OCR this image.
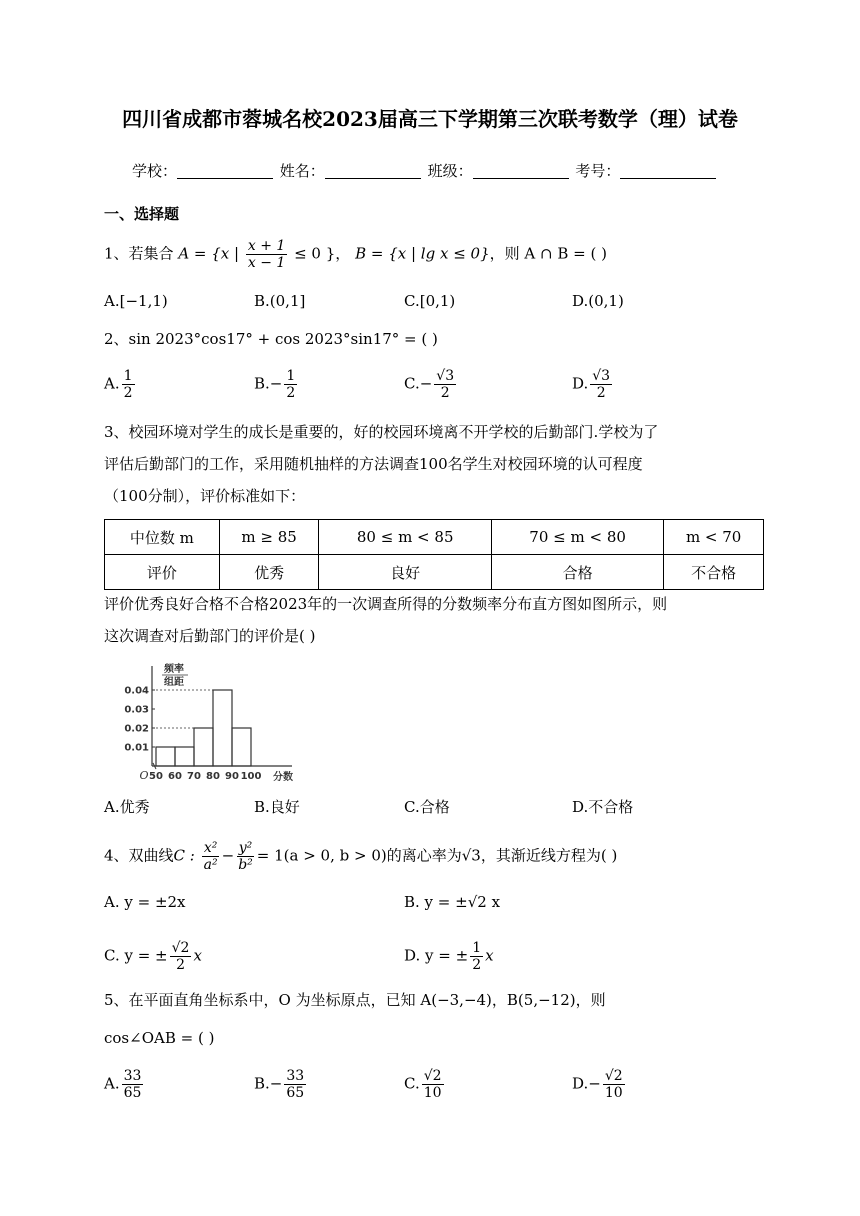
四川省成都市蓉城名校2023届高三下学期第三次联考数学（理）试卷
学校：	姓名：	班级：	考号：
一、选择题
1、若集合 A = {x | $\frac{x + 1}{x - 1} \le 0$ }， B = {x | lg x ≤ 0}，则 A ∩ B = ( )
A.[−1,1)	B.(0,1]	C.[0,1)	D.(0,1)
2、sin 2023°cos17° + cos 2023°sin17° = ( )
A. $\frac{1}{2}$	$B.- \frac{1}{2}$	$C.- \frac{√3}{2}$	D. $\frac{√3}{2}$
3、校园环境对学生的成长是重要的，好的校园环境离不开学校的后勤部门.学校为了
评估后勤部门的工作，采用随机抽样的方法调查100名学生对校园环境的认可程度
（100分制），评价标准如下：
中位数 m	m ≥ 85	80 ≤ m < 85	70 ≤ m < 80	m < 70
评价	优秀	良好	合格	不合格
评价优秀良好合格不合格2023年的一次调查所得的分数频率分布直方图如图所示，则
这次调查对后勤部门的评价是( )
0.04
0.03
0.02
0.01
50 60 70 80 90 100 分数
O
频率
组距
A.优秀	B.良好	C.合格	D.不合格
4、双曲线C : $\frac{\text{x²}}{\text{a²}} - \frac{\text{y²}}{\text{b²}} = 1(a > 0$, b > 0)的离心率为√3，其渐近线方程为( )
A. y = ±2x	B. y = ±√2 x
C. y = ± $\frac{√2}{2}$ x	D. y = ± $\frac{1}{2}$ x
5、在平面直角坐标系中，O 为坐标原点，已知 A(−3,−4)，B(5,−12)，则
cos∠OAB = ( )
A. $\frac{33}{65}$	$B.- \frac{33}{65}$	C. $\frac{√2}{10}$	$D.- \frac{√2}{10}$
